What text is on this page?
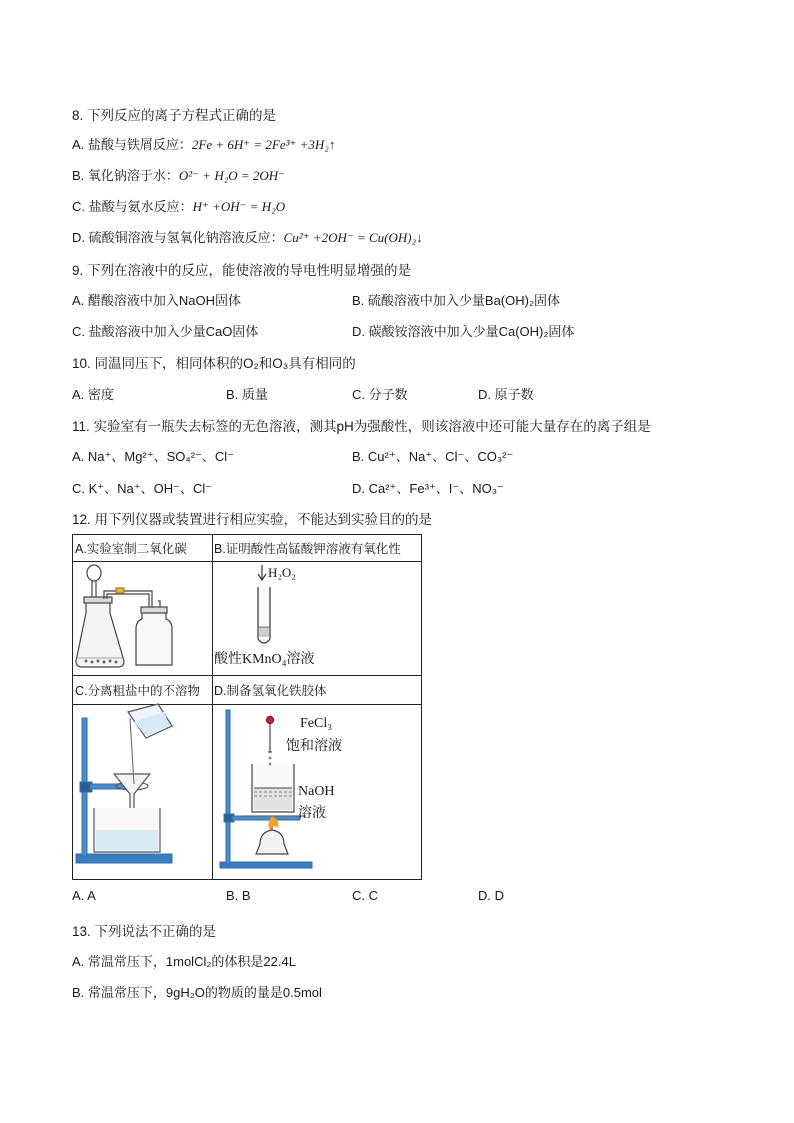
8. 下列反应的离子方程式正确的是
A. 盐酸与铁屑反应：2Fe + 6H⁺ = 2Fe³⁺ +3H₂↑
B. 氧化钠溶于水：O²⁻ + H₂O = 2OH⁻
C. 盐酸与氨水反应：H⁺ +OH⁻ = H₂O
D. 硫酸铜溶液与氢氧化钠溶液反应：Cu²⁺ +2OH⁻ = Cu(OH)₂↓
9. 下列在溶液中的反应，能使溶液的导电性明显增强的是
A. 醋酸溶液中加入NaOH固体	B. 硫酸溶液中加入少量Ba(OH)₂固体
C. 盐酸溶液中加入少量CaO固体	D. 碳酸铵溶液中加入少量Ca(OH)₂固体
10. 同温同压下，相同体积的O₂和O₃具有相同的
A. 密度	B. 质量	C. 分子数	D. 原子数
11. 实验室有一瓶失去标签的无色溶液，测其pH为强酸性，则该溶液中还可能大量存在的离子组是
A. Na⁺、Mg²⁺、SO₄²⁻、Cl⁻	B. Cu²⁺、Na⁺、Cl⁻、CO₃²⁻
C. K⁺、Na⁺、OH⁻、Cl⁻	D. Ca²⁺、Fe³⁺、I⁻、NO₃⁻
12. 用下列仪器或装置进行相应实验，不能达到实验目的的是
A.实验室制二氧化碳 B.证明酸性高锰酸钾溶液有氧化性
C.分离粗盐中的不溶物 D.制备氢氧化铁胶体
H₂O₂
酸性KMnO₄溶液
FeCl₃
饱和溶液
NaOH
溶液
A. A	B. B	C. C	D. D
13. 下列说法不正确的是
A. 常温常压下，1molCl₂的体积是22.4L
B. 常温常压下，9gH₂O的物质的量是0.5mol
